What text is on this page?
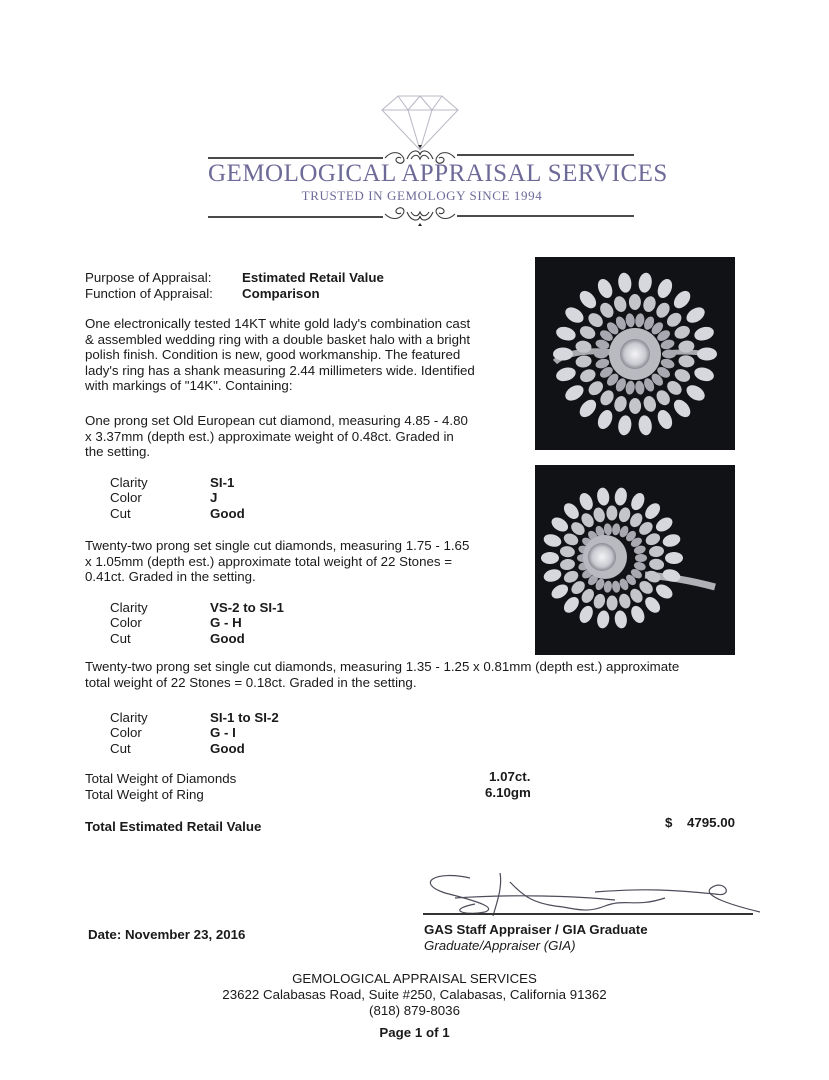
GEMOLOGICAL APPRAISAL SERVICES
TRUSTED IN GEMOLOGY SINCE 1994
Purpose of Appraisal: Estimated Retail Value
Function of Appraisal: Comparison
One electronically tested 14KT white gold lady's combination cast
& assembled wedding ring with a double basket halo with a bright
polish finish. Condition is new, good workmanship. The featured
lady's ring has a shank measuring 2.44 millimeters wide. Identified
with markings of "14K". Containing:
One prong set Old European cut diamond, measuring 4.85 - 4.80
x 3.37mm (depth est.) approximate weight of 0.48ct. Graded in
the setting.
Clarity	SI-1
Color	J
Cut	Good
Twenty-two prong set single cut diamonds, measuring 1.75 - 1.65
x 1.05mm (depth est.) approximate total weight of 22 Stones =
0.41ct. Graded in the setting.
Clarity	VS-2 to SI-1
Color	G - H
Cut	Good
Twenty-two prong set single cut diamonds, measuring 1.35 - 1.25 x 0.81mm (depth est.) approximate
total weight of 22 Stones = 0.18ct. Graded in the setting.
Clarity	SI-1 to SI-2
Color	G - I
Cut	Good
Total Weight of Diamonds	1.07ct.
Total Weight of Ring	6.10gm
Total Estimated Retail Value	$ 4795.00
Date: November 23, 2016	GAS Staff Appraiser / GIA Graduate
Graduate/Appraiser (GIA)
GEMOLOGICAL APPRAISAL SERVICES
23622 Calabasas Road, Suite #250, Calabasas, California 91362
(818) 879-8036
Page 1 of 1
